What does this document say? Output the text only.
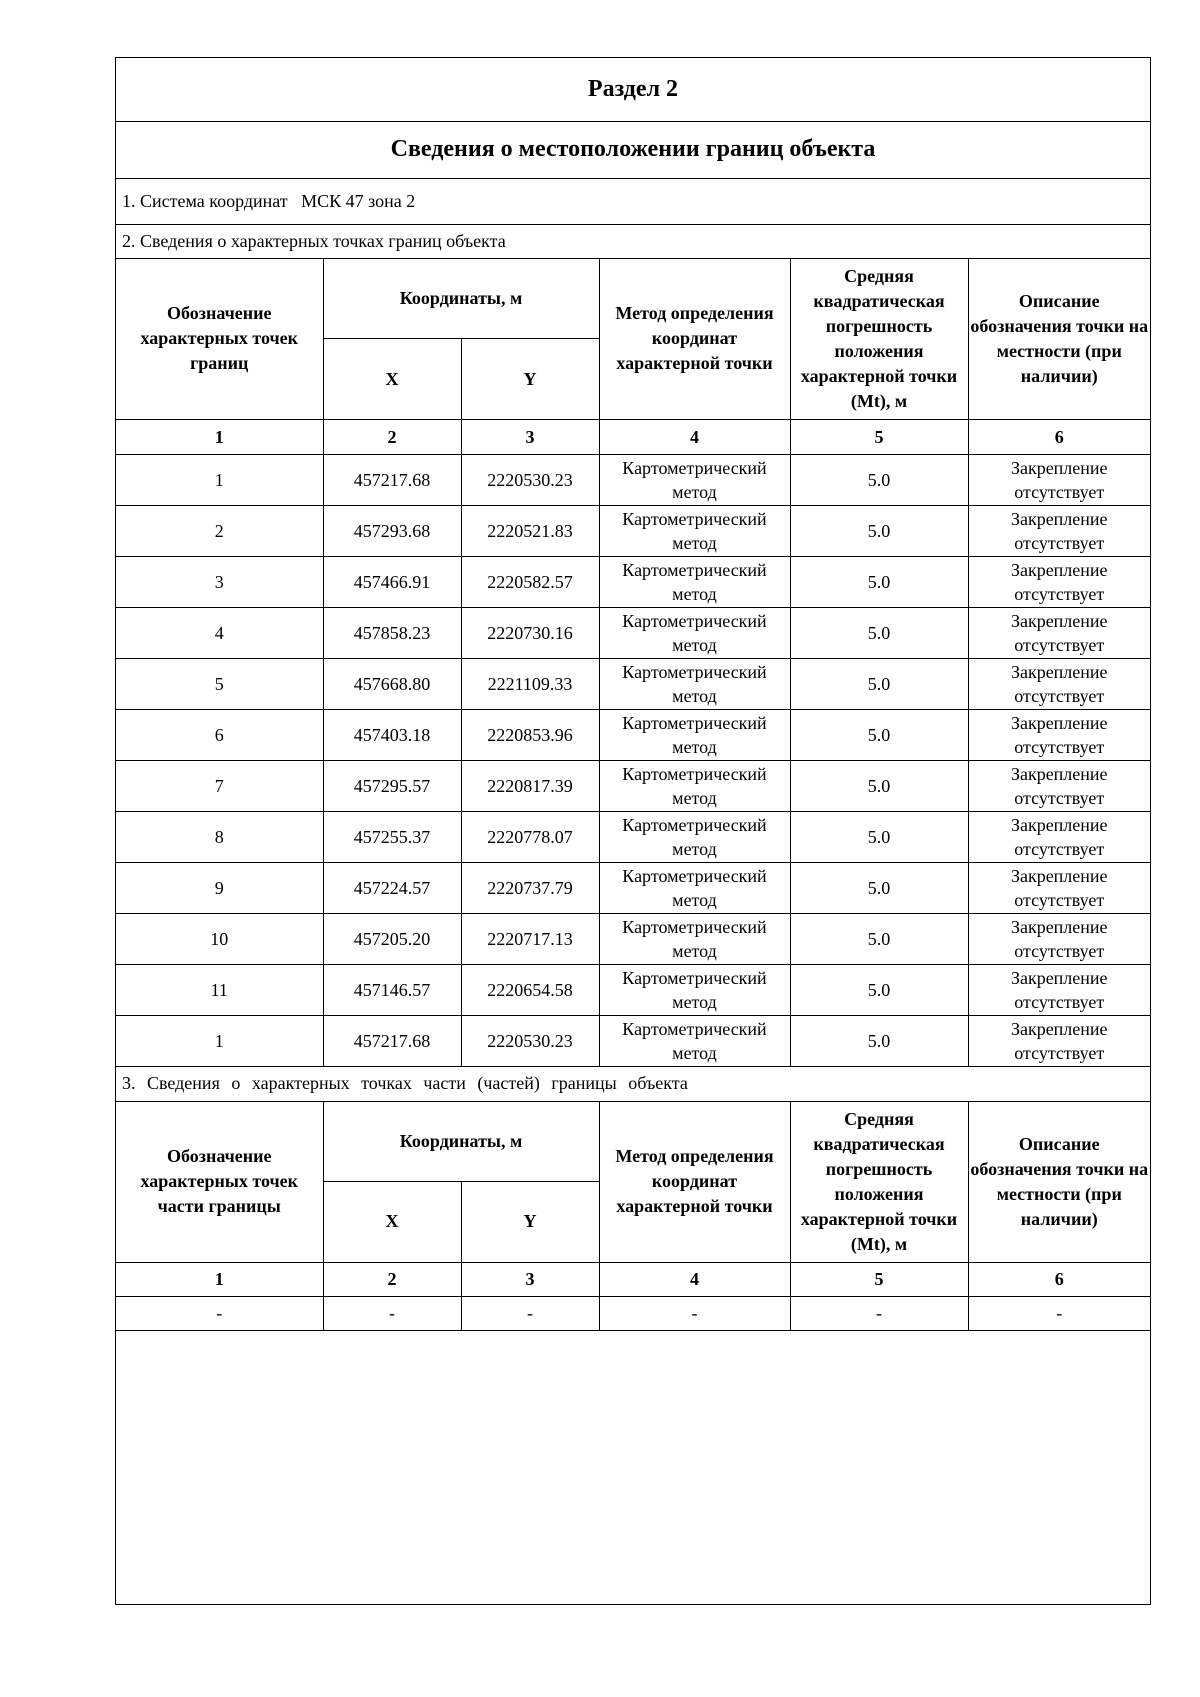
Раздел 2
Сведения о местоположении границ объекта
1. Система координат МСК 47 зона 2
2. Сведения о характерных точках границ объекта
Обозначение характерных точек границ	Координаты, м		Метод определения координат характерной точки	Средняя квадратическая погрешность положения характерной точки (Mt), м	Описание обозначения точки на местности (при наличии)
	X	Y			
1	2	3	4	5	6
1	457217.68	2220530.23	Картометрический метод	5.0	Закрепление отсутствует
2	457293.68	2220521.83	Картометрический метод	5.0	Закрепление отсутствует
3	457466.91	2220582.57	Картометрический метод	5.0	Закрепление отсутствует
4	457858.23	2220730.16	Картометрический метод	5.0	Закрепление отсутствует
5	457668.80	2221109.33	Картометрический метод	5.0	Закрепление отсутствует
6	457403.18	2220853.96	Картометрический метод	5.0	Закрепление отсутствует
7	457295.57	2220817.39	Картометрический метод	5.0	Закрепление отсутствует
8	457255.37	2220778.07	Картометрический метод	5.0	Закрепление отсутствует
9	457224.57	2220737.79	Картометрический метод	5.0	Закрепление отсутствует
10	457205.20	2220717.13	Картометрический метод	5.0	Закрепление отсутствует
11	457146.57	2220654.58	Картометрический метод	5.0	Закрепление отсутствует
1	457217.68	2220530.23	Картометрический метод	5.0	Закрепление отсутствует
3. Сведения о характерных точках части (частей) границы объекта					
Обозначение характерных точек части границы	Координаты, м		Метод определения координат характерной точки	Средняя квадратическая погрешность положения характерной точки (Mt), м	Описание обозначения точки на местности (при наличии)
	X	Y			
1	2	3	4	5	6
-	-	-	-	-	-
